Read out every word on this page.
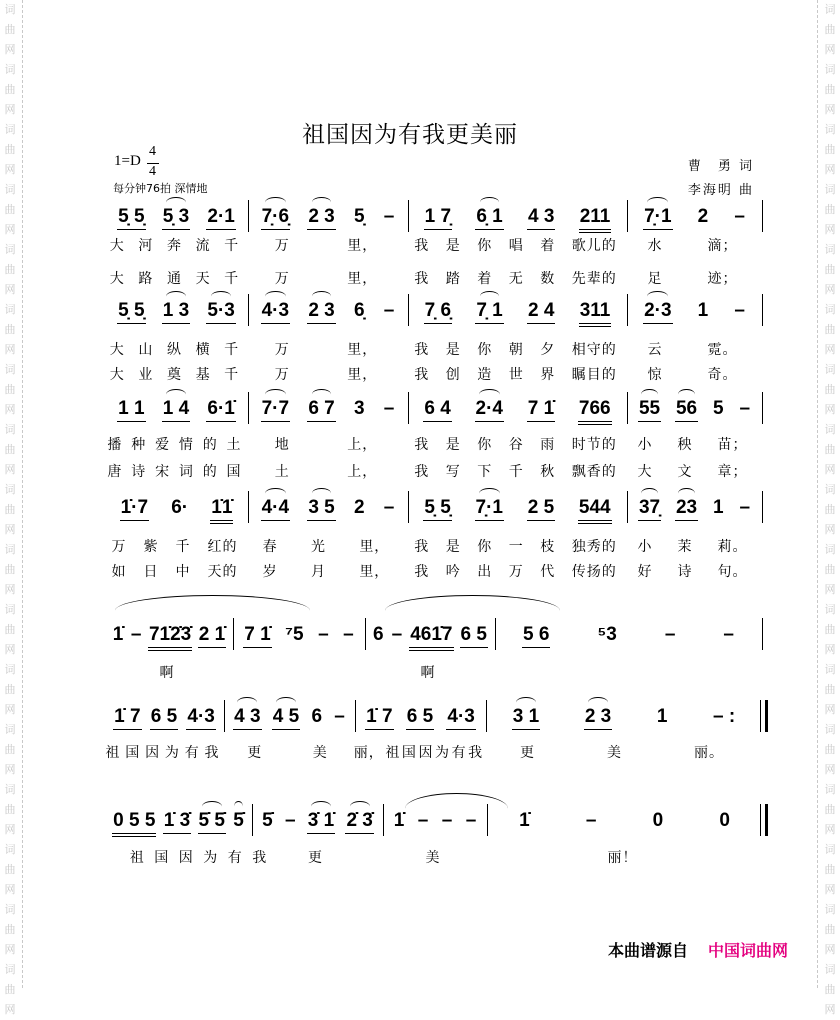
词
曲
网
词
曲
网
词
曲
网
词
曲
网
词
曲
网
词
曲
网
词
曲
网
词
曲
网
词
曲
网
词
曲
网
词
曲
网
词
曲
网
词
曲
网
词
曲
网
词
曲
网
词
曲
网
词
曲
网
词
曲
网
词
曲
网
词
曲
网
词
曲
网
词
曲
网
词
曲
网
词
曲
网
词
曲
网
词
曲
网
词
曲
网
词
曲
网
词
曲
网
词
曲
网
词
曲
网
词
曲
网
词
曲
网
词
曲
网
祖国因为有我更美丽
1=D
4
4
每分钟76拍 深情地
曹　勇 词
李海明 曲
5̣ 5̣ 5̣ 3 2·1 7̣·6̣ 2 3 5̣ – 1 7̣ 6̣ 1 4 3 211 7̣·1 2 –
大 河 奔 流 千	万	里，	我 是 你 唱 着 歌儿的 水	滴；
大 路 通 天 千	万	里，	我 踏 着 无 数 先辈的 足	迹；
5̣ 5̣ 1 3 5·3 4·3 2 3 6̣ – 7̣ 6̣ 7̣ 1 2 4 311 2·3 1 –
大 山 纵 横 千	万	里，	我 是 你 朝 夕 相守的 云	霓。
大 业 奠 基 千	万	里，	我 创 造 世 界 瞩目的 惊	奇。
1 1 1 4 6·1̇ 7·7 6 7 3 – 6 4 2·4 7 1̇ 766 55 56 5 –
播 种 爱 情 的 土 地	上，	我 是 你 谷 雨 时节的 小 秧 苗；
唐 诗 宋 词 的 国 土	上，	我 写 下 千 秋 飘香的 大 文 章；
1̇·7 6· 1̇1̇ 4·4 3 5 2 – 5̣ 5̣ 7̣·1 2 5 544 37̣ 23 1 –
万 紫 千 红的 春 光 里， 我 是 你 一 枝 独秀的 小 茉 莉。
如 日 中 天的 岁 月 里， 我 吟 出 万 代 传扬的 好 诗 句。
1̇ – 71̇2̇3̇ 2 1̇ 7 1̇ ⁷5 – – 6 – 461̇7 6 5 5 6	⁵3	–	–
啊	啊
1̇ 7 6 5 4·3 4 3 4 5 6 – 1̇ 7 6 5 4·3 3 1 2 3 1 – :
祖 国 因 为 有 我 更	美 丽， 祖 国 因 为 有 我	更	美	丽。
0 5 5 1̇ 3̇ 5̇ 5̇ 5̇ 5̇ – 3̇ 1̇ 2̇ 3̇ 1̇ – – – 1̇	–	0	0
祖 国 因 为 有 我	更	美	丽！
本曲谱源自 中国词曲网
